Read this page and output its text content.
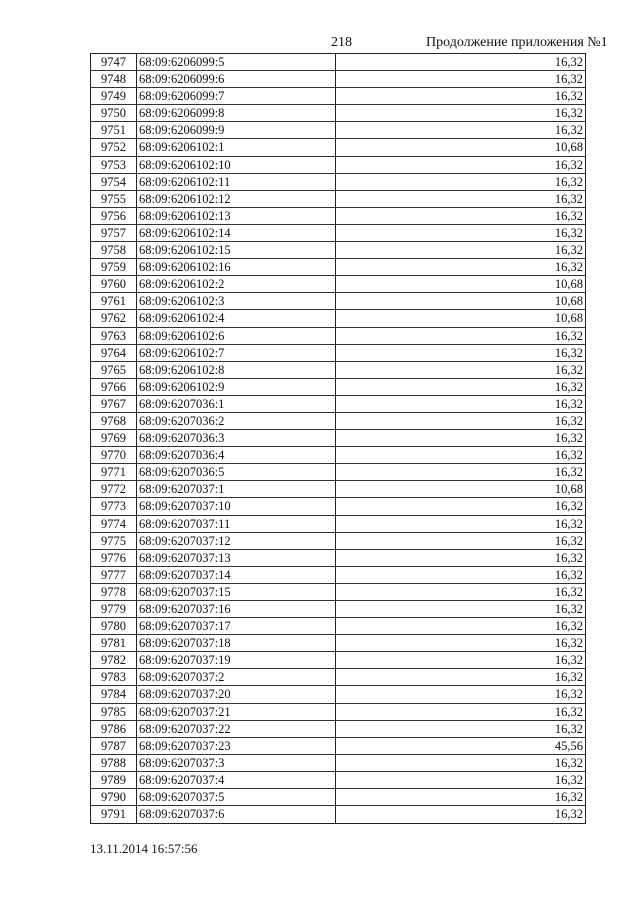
218	Продолжение приложения №1
9747	68:09:6206099:5	16,32
9748	68:09:6206099:6	16,32
9749	68:09:6206099:7	16,32
9750	68:09:6206099:8	16,32
9751	68:09:6206099:9	16,32
9752	68:09:6206102:1	10,68
9753	68:09:6206102:10	16,32
9754	68:09:6206102:11	16,32
9755	68:09:6206102:12	16,32
9756	68:09:6206102:13	16,32
9757	68:09:6206102:14	16,32
9758	68:09:6206102:15	16,32
9759	68:09:6206102:16	16,32
9760	68:09:6206102:2	10,68
9761	68:09:6206102:3	10,68
9762	68:09:6206102:4	10,68
9763	68:09:6206102:6	16,32
9764	68:09:6206102:7	16,32
9765	68:09:6206102:8	16,32
9766	68:09:6206102:9	16,32
9767	68:09:6207036:1	16,32
9768	68:09:6207036:2	16,32
9769	68:09:6207036:3	16,32
9770	68:09:6207036:4	16,32
9771	68:09:6207036:5	16,32
9772	68:09:6207037:1	10,68
9773	68:09:6207037:10	16,32
9774	68:09:6207037:11	16,32
9775	68:09:6207037:12	16,32
9776	68:09:6207037:13	16,32
9777	68:09:6207037:14	16,32
9778	68:09:6207037:15	16,32
9779	68:09:6207037:16	16,32
9780	68:09:6207037:17	16,32
9781	68:09:6207037:18	16,32
9782	68:09:6207037:19	16,32
9783	68:09:6207037:2	16,32
9784	68:09:6207037:20	16,32
9785	68:09:6207037:21	16,32
9786	68:09:6207037:22	16,32
9787	68:09:6207037:23	45,56
9788	68:09:6207037:3	16,32
9789	68:09:6207037:4	16,32
9790	68:09:6207037:5	16,32
9791	68:09:6207037:6	16,32
13.11.2014 16:57:56
